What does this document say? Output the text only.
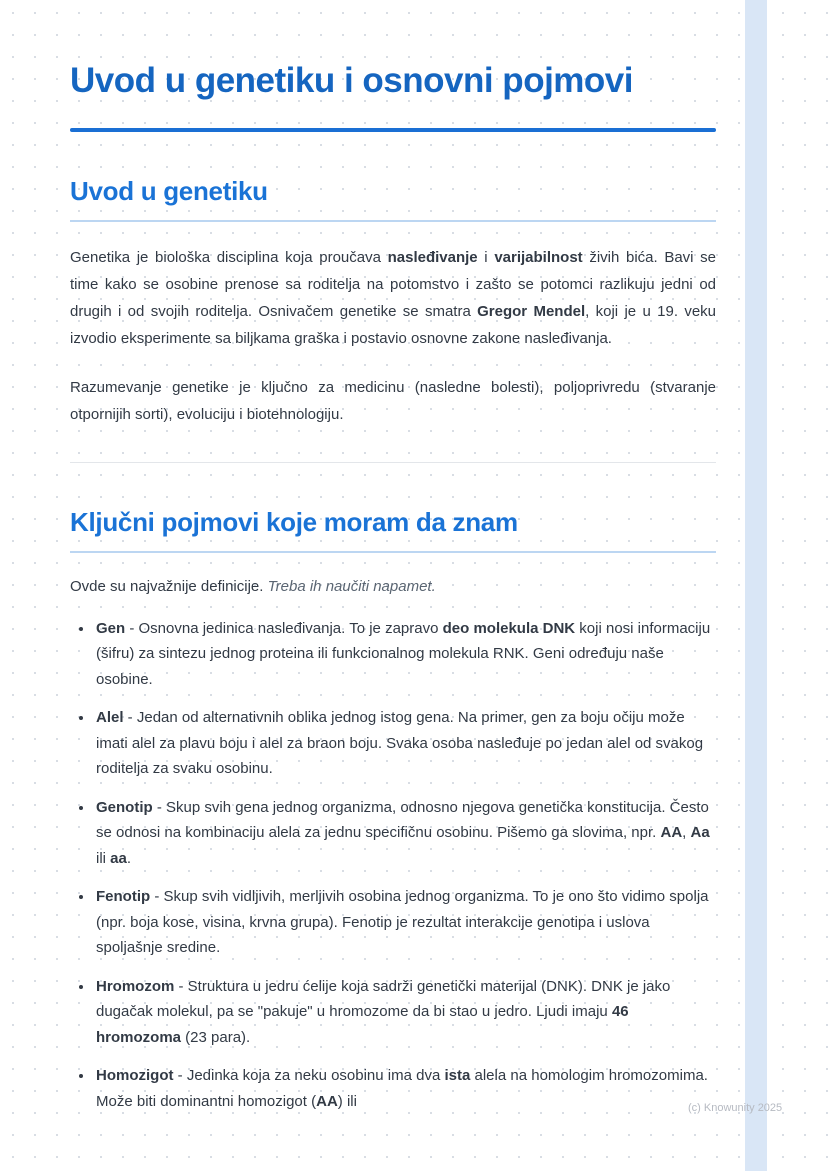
(c) Knowunity 2025
Uvod u genetiku i osnovni pojmovi
Uvod u genetiku

Genetika je biološka disciplina koja proučava nasleđivanje i varijabilnost živih bića. Bavi se time kako se osobine prenose sa roditelja na potomstvo i zašto se potomci razlikuju jedni od drugih i od svojih roditelja. Osnivačem genetike se smatra Gregor Mendel, koji je u 19. veku izvodio eksperimente sa biljkama graška i postavio osnovne zakone nasleđivanja.

Razumevanje genetike je ključno za medicinu (nasledne bolesti), poljoprivredu (stvaranje otpornijih sorti), evoluciju i biotehnologiju.

Ključni pojmovi koje moram da znam

Ovde su najvažnije definicije. Treba ih naučiti napamet.

• Gen - Osnovna jedinica nasleđivanja. To je zapravo deo molekula DNK koji nosi informaciju (šifru) za sintezu jednog proteina ili funkcionalnog molekula RNK. Geni određuju naše osobine.
• Alel - Jedan od alternativnih oblika jednog istog gena. Na primer, gen za boju očiju može imati alel za plavu boju i alel za braon boju. Svaka osoba nasleđuje po jedan alel od svakog roditelja za svaku osobinu.
• Genotip - Skup svih gena jednog organizma, odnosno njegova genetička konstitucija. Često se odnosi na kombinaciju alela za jednu specifičnu osobinu. Pišemo ga slovima, npr. AA, Aa ili aa.
• Fenotip - Skup svih vidljivih, merljivih osobina jednog organizma. To je ono što vidimo spolja (npr. boja kose, visina, krvna grupa). Fenotip je rezultat interakcije genotipa i uslova spoljašnje sredine.
• Hromozom - Struktura u jedru ćelije koja sadrži genetički materijal (DNK). DNK je jako dugačak molekul, pa se "pakuje" u hromozome da bi stao u jedro. Ljudi imaju 46 hromozoma (23 para).
• Homozigot - Jedinka koja za neku osobinu ima dva ista alela na homologim hromozomima. Može biti dominantni homozigot (AA) ili
